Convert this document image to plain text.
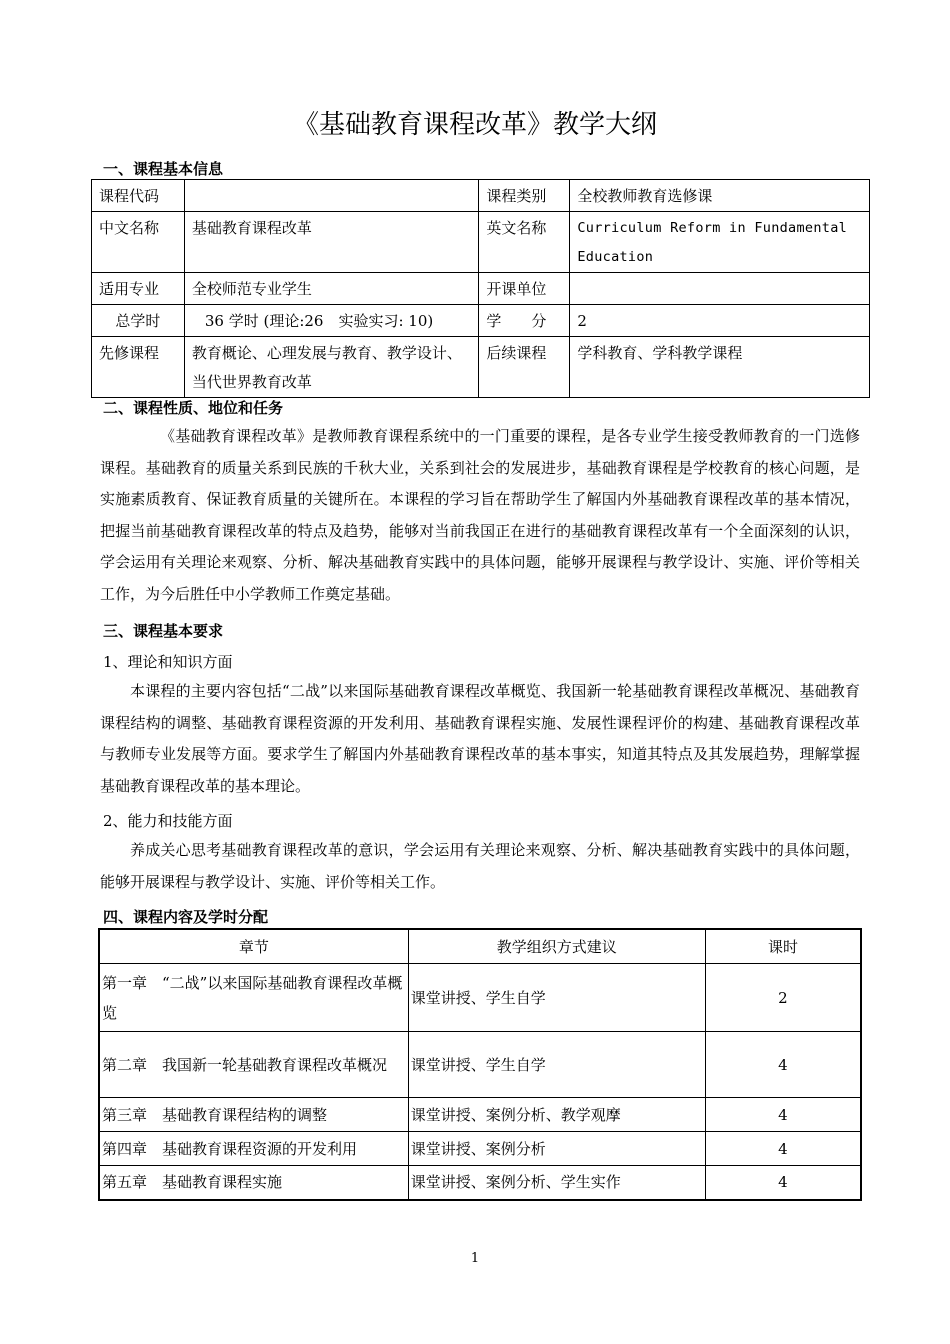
《基础教育课程改革》教学大纲
一、课程基本信息
课程代码		课程类别	全校教师教育选修课
中文名称	基础教育课程改革	英文名称	Curriculum Reform in Fundamental Education
适用专业	全校师范专业学生	开课单位	
总学时	36 学时 (理论:26　实验实习: 10)	学　　分	2
先修课程	教育概论、心理发展与教育、教学设计、当代世界教育改革	后续课程	学科教育、学科教学课程
二、课程性质、地位和任务
《基础教育课程改革》是教师教育课程系统中的一门重要的课程，是各专业学生接受教师教育的一门选修课程。基础教育的质量关系到民族的千秋大业，关系到社会的发展进步，基础教育课程是学校教育的核心问题，是实施素质教育、保证教育质量的关键所在。本课程的学习旨在帮助学生了解国内外基础教育课程改革的基本情况，把握当前基础教育课程改革的特点及趋势，能够对当前我国正在进行的基础教育课程改革有一个全面深刻的认识，学会运用有关理论来观察、分析、解决基础教育实践中的具体问题，能够开展课程与教学设计、实施、评价等相关工作，为今后胜任中小学教师工作奠定基础。
三、课程基本要求
1、理论和知识方面
本课程的主要内容包括“二战”以来国际基础教育课程改革概览、我国新一轮基础教育课程改革概况、基础教育课程结构的调整、基础教育课程资源的开发利用、基础教育课程实施、发展性课程评价的构建、基础教育课程改革与教师专业发展等方面。要求学生了解国内外基础教育课程改革的基本事实，知道其特点及其发展趋势，理解掌握基础教育课程改革的基本理论。
2、能力和技能方面
养成关心思考基础教育课程改革的意识，学会运用有关理论来观察、分析、解决基础教育实践中的具体问题，能够开展课程与教学设计、实施、评价等相关工作。
四、课程内容及学时分配
章节	教学组织方式建议	课时
第一章　“二战”以来国际基础教育课程改革概览	课堂讲授、学生自学	2
第二章　我国新一轮基础教育课程改革概况	课堂讲授、学生自学	4
第三章　基础教育课程结构的调整	课堂讲授、案例分析、教学观摩	4
第四章　基础教育课程资源的开发利用	课堂讲授、案例分析	4
第五章　基础教育课程实施	课堂讲授、案例分析、学生实作	4
1
